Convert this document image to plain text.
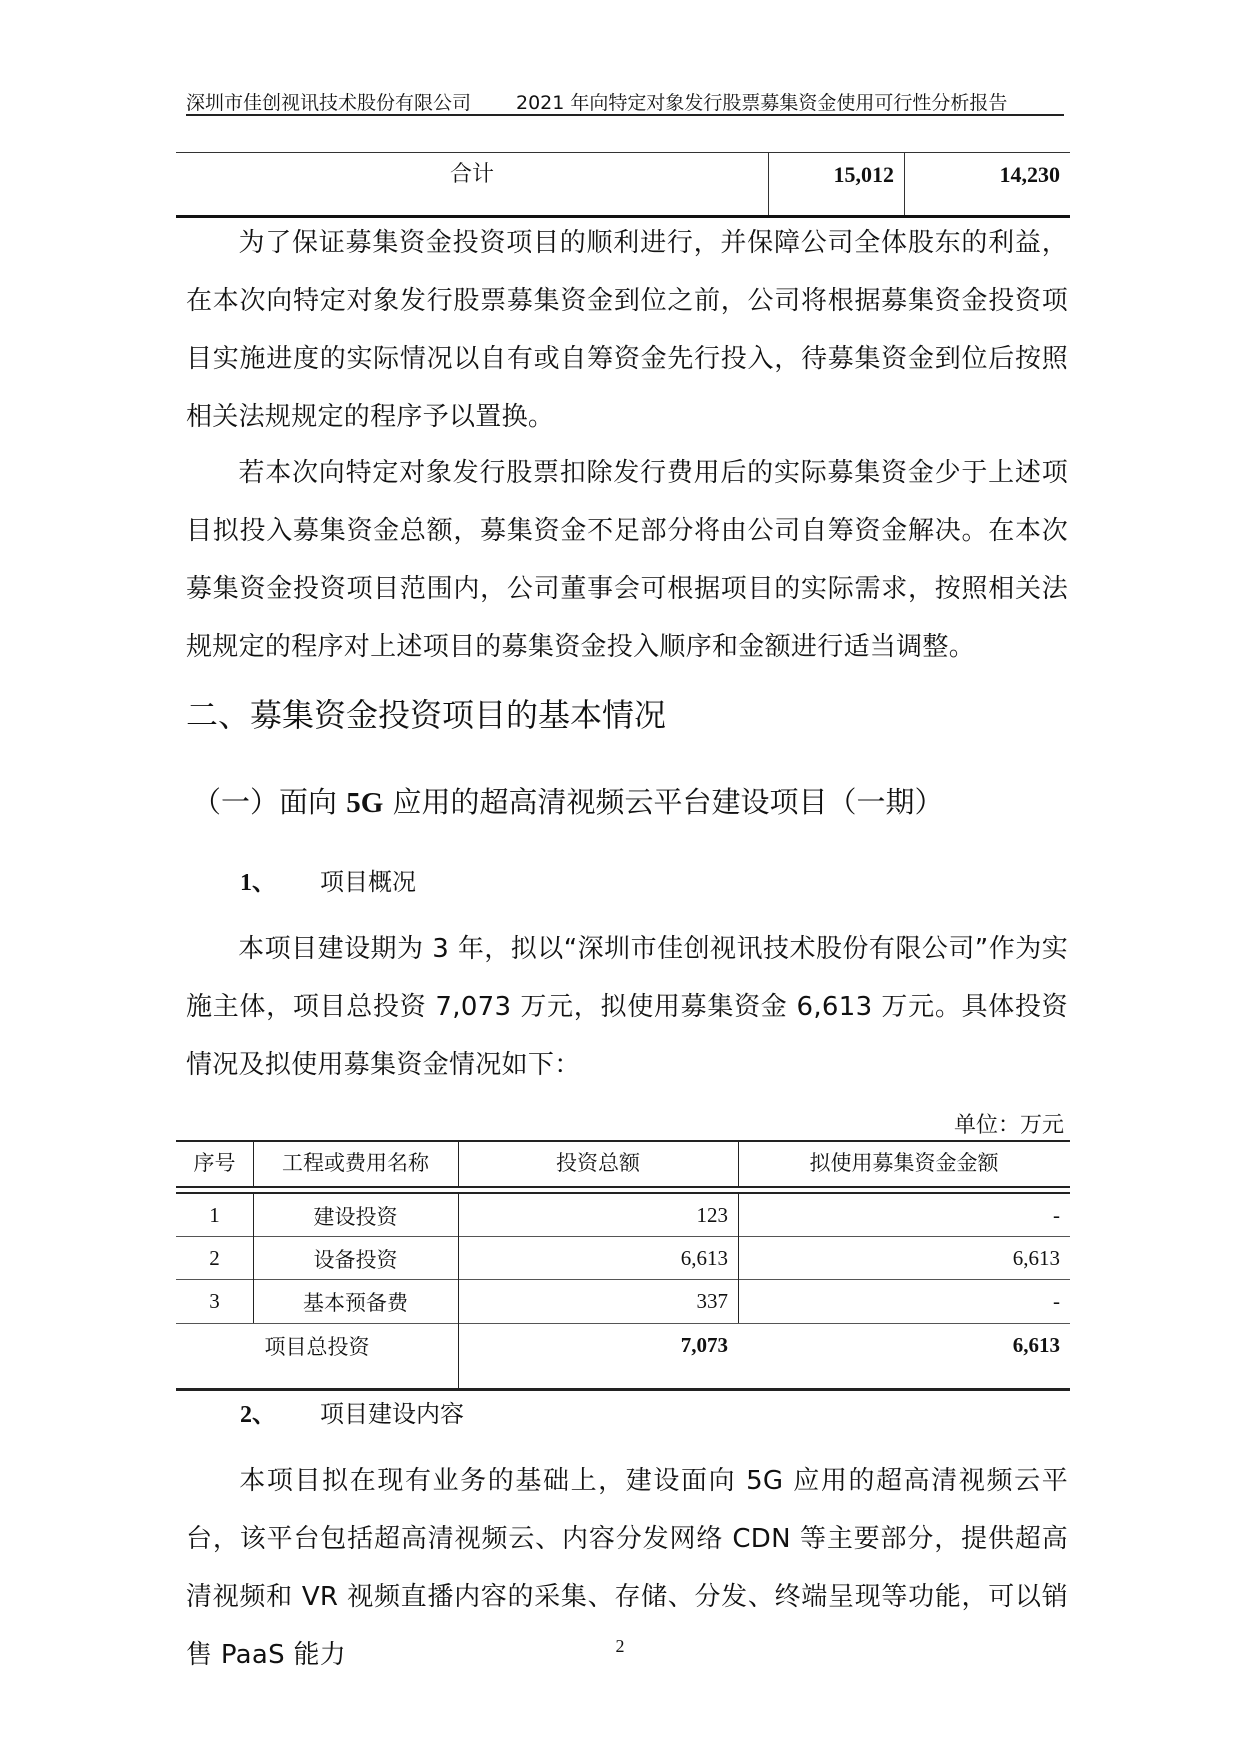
深圳市佳创视讯技术股份有限公司 2021 年向特定对象发行股票募集资金使用可行性分析报告
合计	15,012	14,230
为了保证募集资金投资项目的顺利进行，并保障公司全体股东的利益，在本次向特定对象发行股票募集资金到位之前，公司将根据募集资金投资项目实施进度的实际情况以自有或自筹资金先行投入，待募集资金到位后按照相关法规规定的程序予以置换。
若本次向特定对象发行股票扣除发行费用后的实际募集资金少于上述项目拟投入募集资金总额，募集资金不足部分将由公司自筹资金解决。在本次募集资金投资项目范围内，公司董事会可根据项目的实际需求，按照相关法规规定的程序对上述项目的募集资金投入顺序和金额进行适当调整。
二、募集资金投资项目的基本情况
（一）面向 5G 应用的超高清视频云平台建设项目（一期）
1、 项目概况
本项目建设期为 3 年，拟以“深圳市佳创视讯技术股份有限公司”作为实施主体，项目总投资 7,073 万元，拟使用募集资金 6,613 万元。具体投资情况及拟使用募集资金情况如下：
单位：万元
序号	工程或费用名称	投资总额	拟使用募集资金金额
1	建设投资	123	-
2	设备投资	6,613	6,613
3	基本预备费	337	-
项目总投资	7,073	6,613
2、 项目建设内容
本项目拟在现有业务的基础上，建设面向 5G 应用的超高清视频云平台，该平台包括超高清视频云、内容分发网络 CDN 等主要部分，提供超高清视频和 VR 视频直播内容的采集、存储、分发、终端呈现等功能，可以销售 PaaS 能力	2
